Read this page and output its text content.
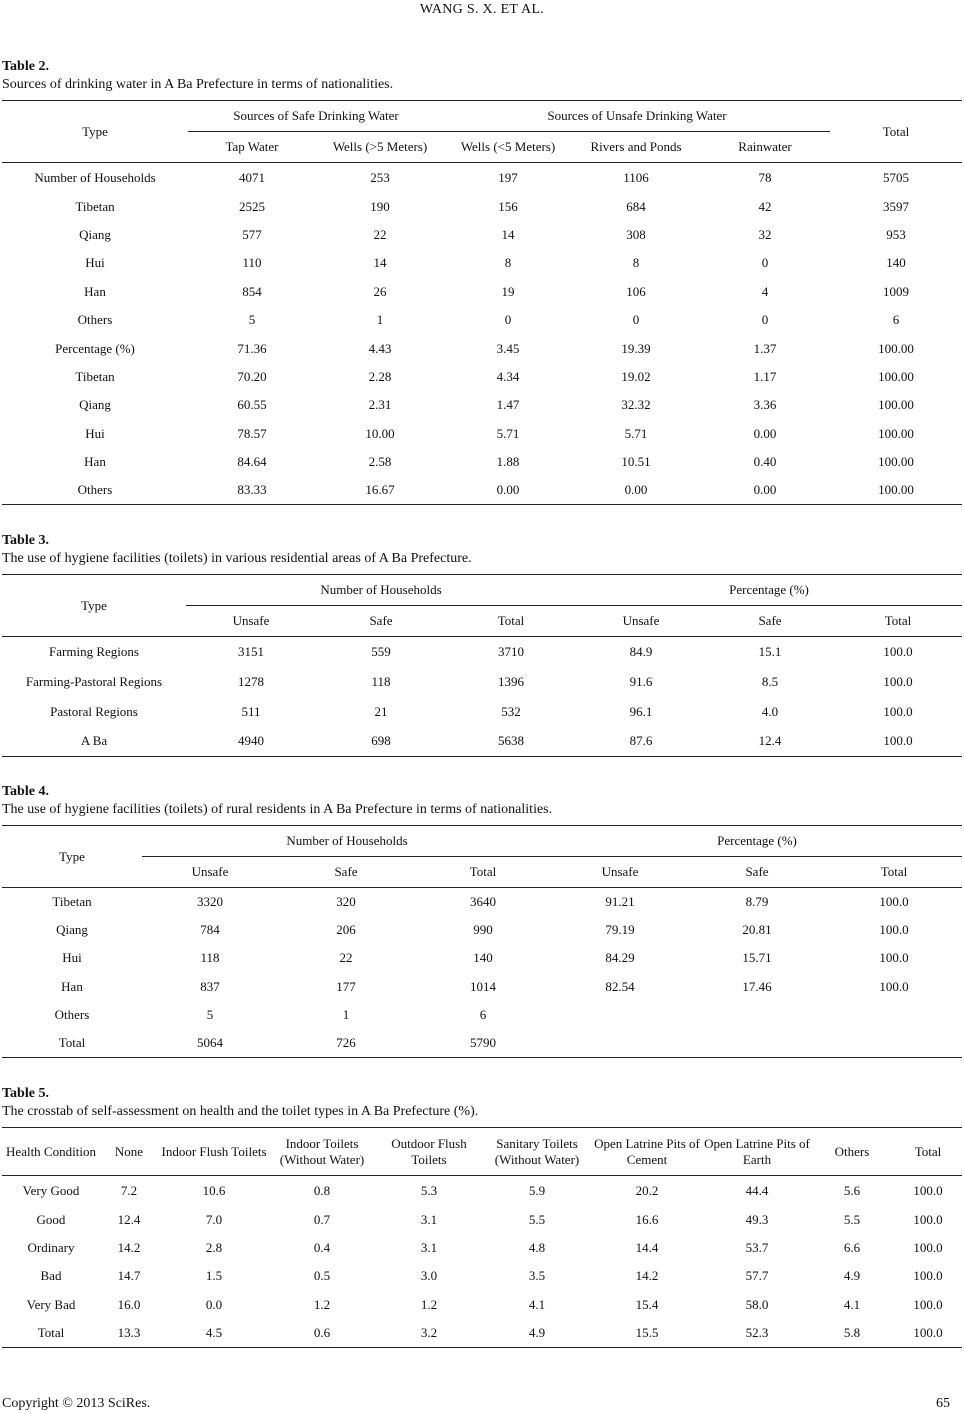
WANG S. X. ET AL.
Table 2.
Sources of drinking water in A Ba Prefecture in terms of nationalities.
Type	Sources of Safe Drinking Water		Sources of Unsafe Drinking Water			Total
	Tap Water	Wells (>5 Meters)	Wells (<5 Meters)	Rivers and Ponds	Rainwater	
Number of Households	4071	253	197	1106	78	5705
Tibetan	2525	190	156	684	42	3597
Qiang	577	22	14	308	32	953
Hui	110	14	8	8	0	140
Han	854	26	19	106	4	1009
Others	5	1	0	0	0	6
Percentage (%)	71.36	4.43	3.45	19.39	1.37	100.00
Tibetan	70.20	2.28	4.34	19.02	1.17	100.00
Qiang	60.55	2.31	1.47	32.32	3.36	100.00
Hui	78.57	10.00	5.71	5.71	0.00	100.00
Han	84.64	2.58	1.88	10.51	0.40	100.00
Others	83.33	16.67	0.00	0.00	0.00	100.00
Table 3.
The use of hygiene facilities (toilets) in various residential areas of A Ba Prefecture.
Type	Number of Households			Percentage (%)		
	Unsafe	Safe	Total	Unsafe	Safe	Total
Farming Regions	3151	559	3710	84.9	15.1	100.0
Farming-Pastoral Regions	1278	118	1396	91.6	8.5	100.0
Pastoral Regions	511	21	532	96.1	4.0	100.0
A Ba	4940	698	5638	87.6	12.4	100.0
Table 4.
The use of hygiene facilities (toilets) of rural residents in A Ba Prefecture in terms of nationalities.
Type	Number of Households			Percentage (%)		
	Unsafe	Safe	Total	Unsafe	Safe	Total
Tibetan	3320	320	3640	91.21	8.79	100.0
Qiang	784	206	990	79.19	20.81	100.0
Hui	118	22	140	84.29	15.71	100.0
Han	837	177	1014	82.54	17.46	100.0
Others	5	1	6			
Total	5064	726	5790			
Table 5.
The crosstab of self-assessment on health and the toilet types in A Ba Prefecture (%).
Health Condition	None	Indoor Flush Toilets	Indoor Toilets (Without Water)	Outdoor Flush Toilets	Sanitary Toilets (Without Water)	Open Latrine Pits of Cement	Open Latrine Pits of Earth	Others	Total
Very Good	7.2	10.6	0.8	5.3	5.9	20.2	44.4	5.6	100.0
Good	12.4	7.0	0.7	3.1	5.5	16.6	49.3	5.5	100.0
Ordinary	14.2	2.8	0.4	3.1	4.8	14.4	53.7	6.6	100.0
Bad	14.7	1.5	0.5	3.0	3.5	14.2	57.7	4.9	100.0
Very Bad	16.0	0.0	1.2	1.2	4.1	15.4	58.0	4.1	100.0
Total	13.3	4.5	0.6	3.2	4.9	15.5	52.3	5.8	100.0
Copyright © 2013 SciRes.	65
